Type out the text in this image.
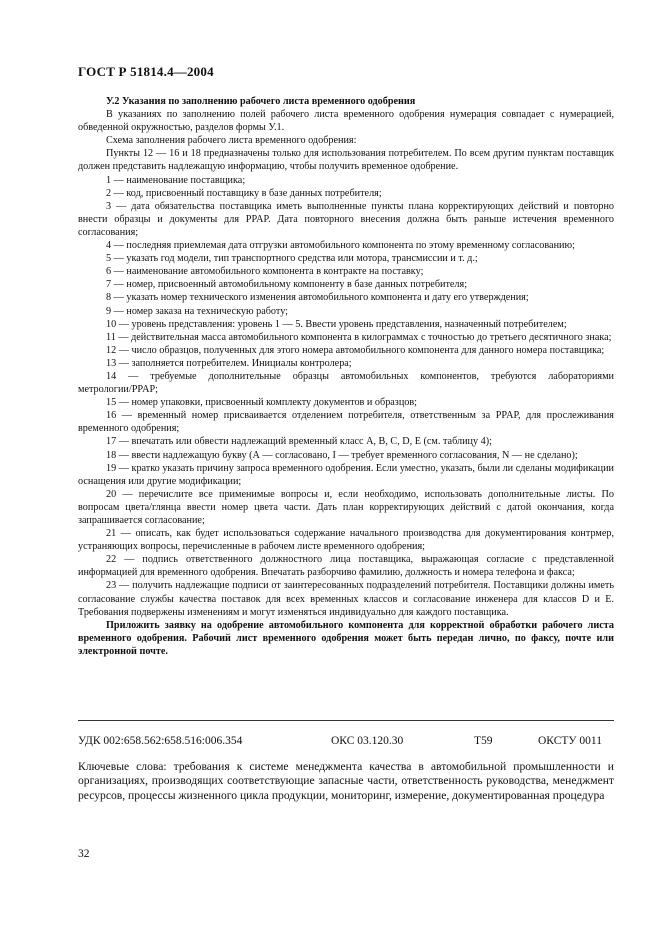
ГОСТ Р 51814.4—2004

У.2 Указания по заполнению рабочего листа временного одобрения

В указаниях по заполнению полей рабочего листа временного одобрения нумерация совпадает с нумерацией, обведенной окружностью, разделов формы У.1.

Схема заполнения рабочего листа временного одобрения:

Пункты 12 — 16 и 18 предназначены только для использования потребителем. По всем другим пунктам поставщик должен представить надлежащую информацию, чтобы получить временное одобрение.

1 — наименование поставщика;

2 — код, присвоенный поставщику в базе данных потребителя;

3 — дата обязательства поставщика иметь выполненные пункты плана корректирующих действий и повторно внести образцы и документы для PPAP. Дата повторного внесения должна быть раньше истечения временного согласования;

4 — последняя приемлемая дата отгрузки автомобильного компонента по этому временному согласованию;

5 — указать год модели, тип транспортного средства или мотора, трансмиссии и т. д.;

6 — наименование автомобильного компонента в контракте на поставку;

7 — номер, присвоенный автомобильному компоненту в базе данных потребителя;

8 — указать номер технического изменения автомобильного компонента и дату его утверждения;

9 — номер заказа на техническую работу;

10 — уровень представления: уровень 1 — 5. Ввести уровень представления, назначенный потребителем;

11 — действительная масса автомобильного компонента в килограммах с точностью до третьего десятичного знака;

12 — число образцов, полученных для этого номера автомобильного компонента для данного номера поставщика;

13 — заполняется потребителем. Инициалы контролера;

14 — требуемые дополнительные образцы автомобильных компонентов, требуются лабораториями метрологии/PPAP;

15 — номер упаковки, присвоенный комплекту документов и образцов;

16 — временный номер присваивается отделением потребителя, ответственным за PPAP, для прослеживания временного одобрения;

17 — впечатать или обвести надлежащий временный класс А, В, С, D, Е (см. таблицу 4);

18 — ввести надлежащую букву (А — согласовано, I — требует временного согласования, N — не сделано);

19 — кратко указать причину запроса временного одобрения. Если уместно, указать, были ли сделаны модификации оснащения или другие модификации;

20 — перечислите все применимые вопросы и, если необходимо, использовать дополнительные листы. По вопросам цвета/глянца ввести номер цвета части. Дать план корректирующих действий с датой окончания, когда запрашивается согласование;

21 — описать, как будет использоваться содержание начального производства для документирования контрмер, устраняющих вопросы, перечисленные в рабочем листе временного одобрения;

22 — подпись ответственного должностного лица поставщика, выражающая согласие с представленной информацией для временного одобрения. Впечатать разборчиво фамилию, должность и номера телефона и факса;

23 — получить надлежащие подписи от заинтересованных подразделений потребителя. Поставщики должны иметь согласование службы качества поставок для всех временных классов и согласование инженера для классов D и Е. Требования подвержены изменениям и могут изменяться индивидуально для каждого поставщика.

Приложить заявку на одобрение автомобильного компонента для корректной обработки рабочего листа временного одобрения. Рабочий лист временного одобрения может быть передан лично, по факсу, почте или электронной почте.

УДК 002:658.562:658.516:006.354	ОКС 03.120.30	Т59	ОКСТУ 0011
Ключевые слова: требования к системе менеджмента качества в автомобильной промышленности и организациях, производящих соответствующие запасные части, ответственность руководства, менеджмент ресурсов, процессы жизненного цикла продукции, мониторинг, измерение, документированная процедура
32
